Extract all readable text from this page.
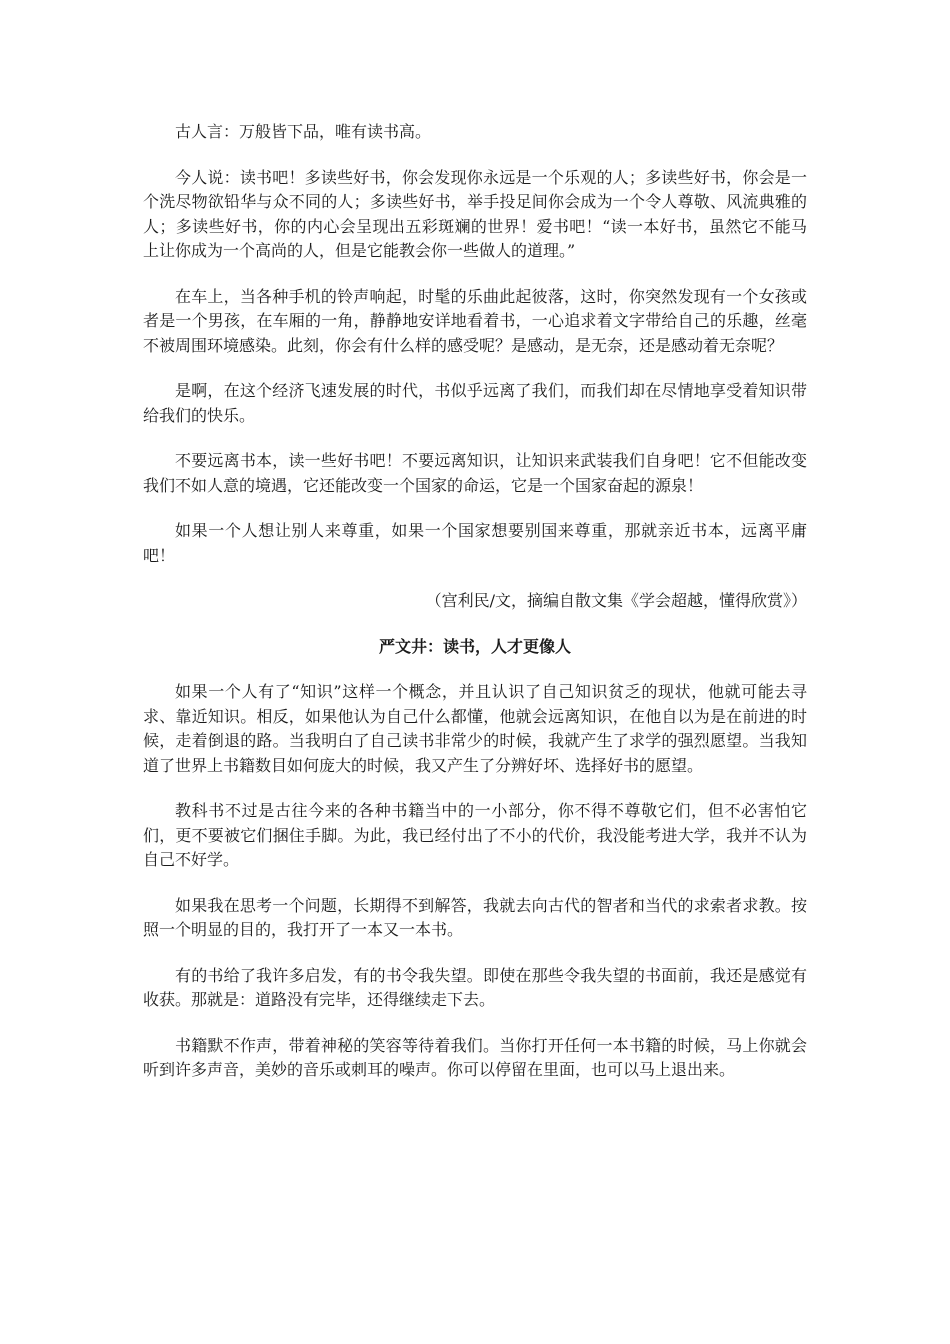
古人言：万般皆下品，唯有读书高。

今人说：读书吧！多读些好书，你会发现你永远是一个乐观的人；多读些好书，你会是一个洗尽物欲铅华与众不同的人；多读些好书，举手投足间你会成为一个令人尊敬、风流典雅的人；多读些好书，你的内心会呈现出五彩斑斓的世界！爱书吧！“读一本好书，虽然它不能马上让你成为一个高尚的人，但是它能教会你一些做人的道理。”

在车上，当各种手机的铃声响起，时髦的乐曲此起彼落，这时，你突然发现有一个女孩或者是一个男孩，在车厢的一角，静静地安详地看着书，一心追求着文字带给自己的乐趣，丝毫不被周围环境感染。此刻，你会有什么样的感受呢？是感动，是无奈，还是感动着无奈呢？

是啊，在这个经济飞速发展的时代，书似乎远离了我们，而我们却在尽情地享受着知识带给我们的快乐。

不要远离书本，读一些好书吧！不要远离知识，让知识来武装我们自身吧！它不但能改变我们不如人意的境遇，它还能改变一个国家的命运，它是一个国家奋起的源泉！

如果一个人想让别人来尊重，如果一个国家想要别国来尊重，那就亲近书本，远离平庸吧！

（宫利民/文，摘编自散文集《学会超越，懂得欣赏》）

严文井：读书，人才更像人

如果一个人有了“知识”这样一个概念，并且认识了自己知识贫乏的现状，他就可能去寻求、靠近知识。相反，如果他认为自己什么都懂，他就会远离知识，在他自以为是在前进的时候，走着倒退的路。当我明白了自己读书非常少的时候，我就产生了求学的强烈愿望。当我知道了世界上书籍数目如何庞大的时候，我又产生了分辨好坏、选择好书的愿望。

教科书不过是古往今来的各种书籍当中的一小部分，你不得不尊敬它们，但不必害怕它们，更不要被它们捆住手脚。为此，我已经付出了不小的代价，我没能考进大学，我并不认为自己不好学。

如果我在思考一个问题，长期得不到解答，我就去向古代的智者和当代的求索者求教。按照一个明显的目的，我打开了一本又一本书。

有的书给了我许多启发，有的书令我失望。即使在那些令我失望的书面前，我还是感觉有收获。那就是：道路没有完毕，还得继续走下去。

书籍默不作声，带着神秘的笑容等待着我们。当你打开任何一本书籍的时候，马上你就会听到许多声音，美妙的音乐或刺耳的噪声。你可以停留在里面，也可以马上退出来。
